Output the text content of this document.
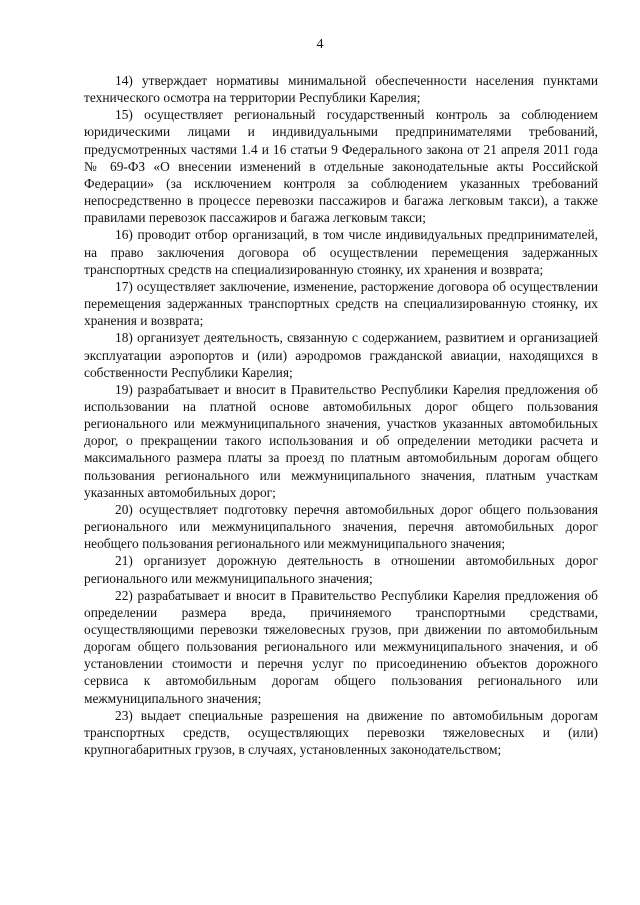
4

14) утверждает нормативы минимальной обеспеченности населения пунктами технического осмотра на территории Республики Карелия;

15) осуществляет региональный государственный контроль за соблюдением юридическими лицами и индивидуальными предпринимателями требований, предусмотренных частями 1.4 и 16 статьи 9 Федерального закона от 21 апреля 2011 года № 69-ФЗ «О внесении изменений в отдельные законодательные акты Российской Федерации» (за исключением контроля за соблюдением указанных требований непосредственно в процессе перевозки пассажиров и багажа легковым такси), а также правилами перевозок пассажиров и багажа легковым такси;

16) проводит отбор организаций, в том числе индивидуальных предпринимателей, на право заключения договора об осуществлении перемещения задержанных транспортных средств на специализированную стоянку, их хранения и возврата;

17) осуществляет заключение, изменение, расторжение договора об осуществлении перемещения задержанных транспортных средств на специализированную стоянку, их хранения и возврата;

18) организует деятельность, связанную с содержанием, развитием и организацией эксплуатации аэропортов и (или) аэродромов гражданской авиации, находящихся в собственности Республики Карелия;

19) разрабатывает и вносит в Правительство Республики Карелия предложения об использовании на платной основе автомобильных дорог общего пользования регионального или межмуниципального значения, участков указанных автомобильных дорог, о прекращении такого использования и об определении методики расчета и максимального размера платы за проезд по платным автомобильным дорогам общего пользования регионального или межмуниципального значения, платным участкам указанных автомобильных дорог;

20) осуществляет подготовку перечня автомобильных дорог общего пользования регионального или межмуниципального значения, перечня автомобильных дорог необщего пользования регионального или межмуниципального значения;

21) организует дорожную деятельность в отношении автомобильных дорог регионального или межмуниципального значения;

22) разрабатывает и вносит в Правительство Республики Карелия предложения об определении размера вреда, причиняемого транспортными средствами, осуществляющими перевозки тяжеловесных грузов, при движении по автомобильным дорогам общего пользования регионального или межмуниципального значения, и об установлении стоимости и перечня услуг по присоединению объектов дорожного сервиса к автомобильным дорогам общего пользования регионального или межмуниципального значения;

23) выдает специальные разрешения на движение по автомобильным дорогам транспортных средств, осуществляющих перевозки тяжеловесных и (или) крупногабаритных грузов, в случаях, установленных законодательством;
